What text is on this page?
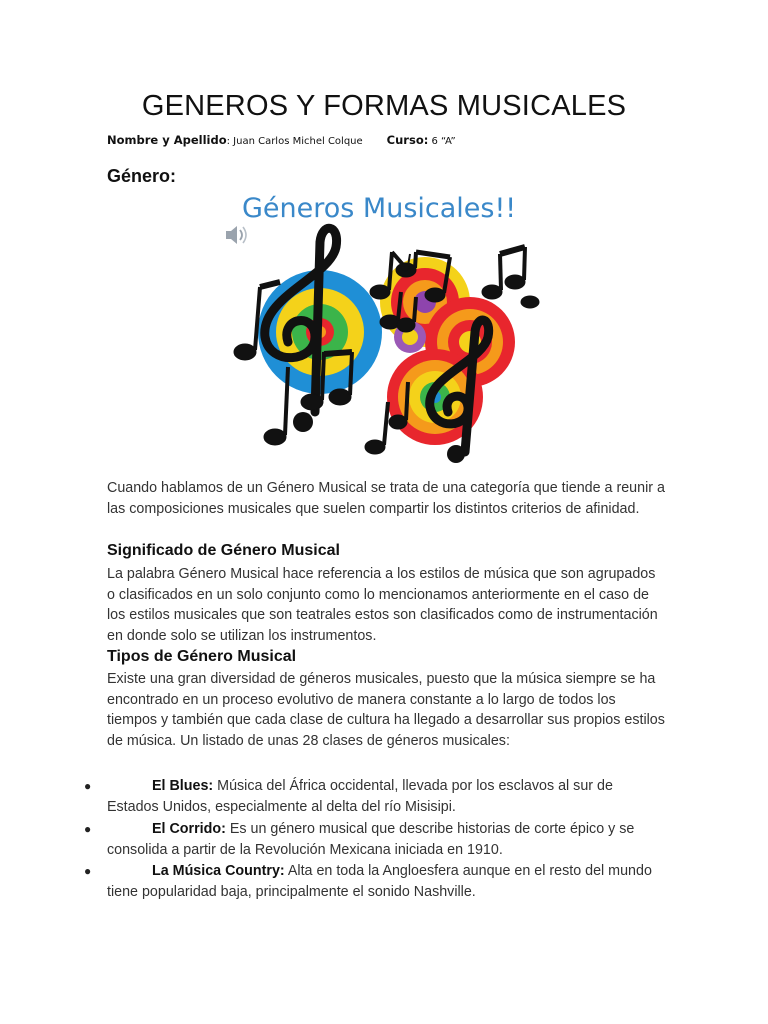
GENEROS Y FORMAS MUSICALES
Nombre y Apellido: Juan Carlos Michel Colque Curso: 6 “A”
Género:
Géneros Musicales!!
Cuando hablamos de un Género Musical se trata de una categoría que tiende a reunir a las composiciones musicales que suelen compartir los distintos criterios de afinidad.
Significado de Género Musical
La palabra Género Musical hace referencia a los estilos de música que son agrupados o clasificados en un solo conjunto como lo mencionamos anteriormente en el caso de los estilos musicales que son teatrales estos son clasificados como de instrumentación en donde solo se utilizan los instrumentos.
Tipos de Género Musical
Existe una gran diversidad de géneros musicales, puesto que la música siempre se ha encontrado en un proceso evolutivo de manera constante a lo largo de todos los tiempos y también que cada clase de cultura ha llegado a desarrollar sus propios estilos de música. Un listado de unas 28 clases de géneros musicales:
●	El Blues: Música del África occidental, llevada por los esclavos al sur de Estados Unidos, especialmente al delta del río Misisipi.
●	El Corrido: Es un género musical que describe historias de corte épico y se consolida a partir de la Revolución Mexicana iniciada en 1910.
●	La Música Country: Alta en toda la Angloesfera aunque en el resto del mundo tiene popularidad baja, principalmente el sonido Nashville.
